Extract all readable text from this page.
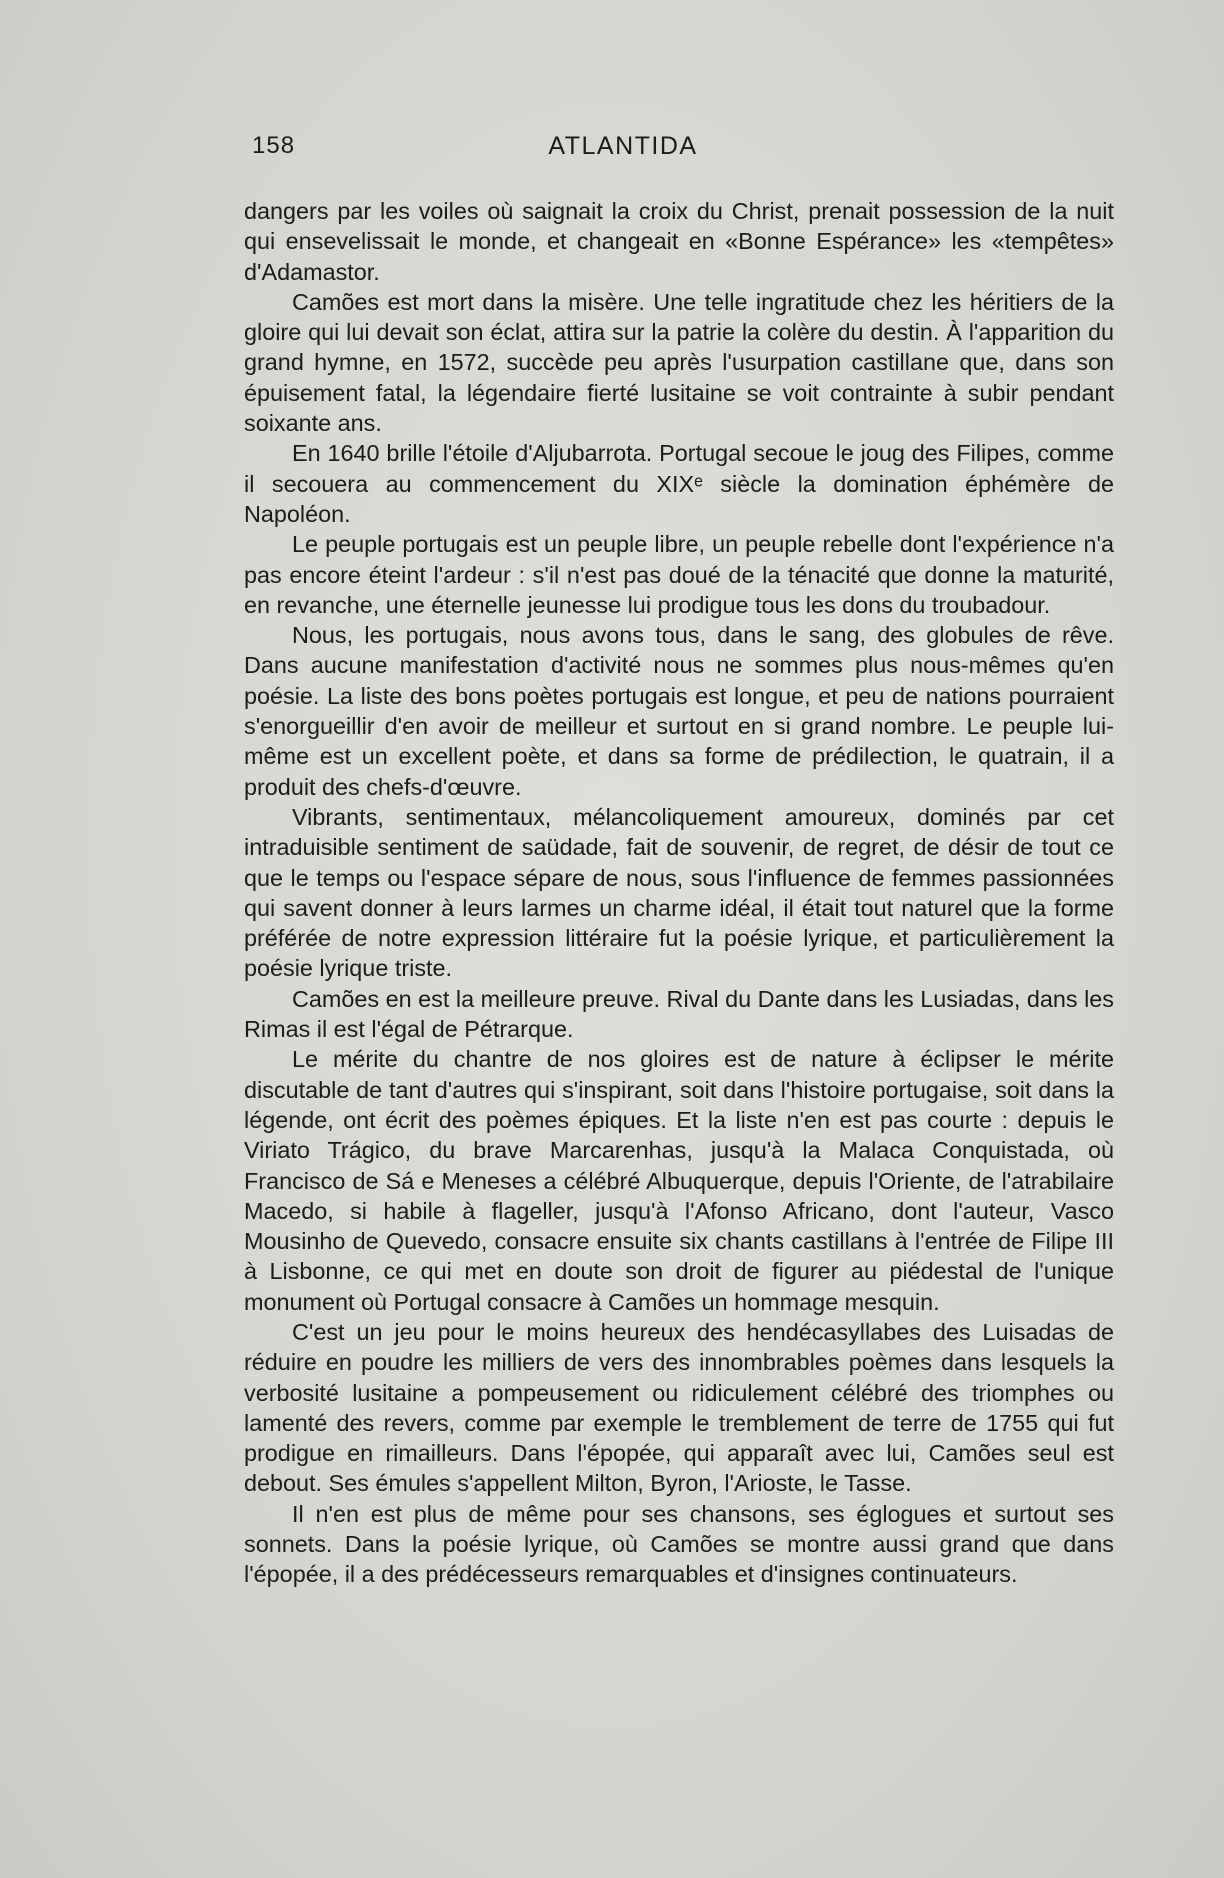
158	ATLANTIDA

dangers par les voiles où saignait la croix du Christ, prenait possession de la nuit qui ensevelissait le monde, et changeait en «Bonne Espérance» les «tempêtes» d'Adamastor.

Camões est mort dans la misère. Une telle ingratitude chez les héritiers de la gloire qui lui devait son éclat, attira sur la patrie la colère du destin. À l'apparition du grand hymne, en 1572, succède peu après l'usurpation castillane que, dans son épuisement fatal, la légendaire fierté lusitaine se voit contrainte à subir pendant soixante ans.

En 1640 brille l'étoile d'Aljubarrota. Portugal secoue le joug des Filipes, comme il secouera au commencement du XIXᵉ siècle la domination éphémère de Napoléon.

Le peuple portugais est un peuple libre, un peuple rebelle dont l'expérience n'a pas encore éteint l'ardeur : s'il n'est pas doué de la ténacité que donne la maturité, en revanche, une éternelle jeunesse lui prodigue tous les dons du troubadour.

Nous, les portugais, nous avons tous, dans le sang, des globules de rêve. Dans aucune manifestation d'activité nous ne sommes plus nous-mêmes qu'en poésie. La liste des bons poètes portugais est longue, et peu de nations pourraient s'enorgueillir d'en avoir de meilleur et surtout en si grand nombre. Le peuple lui-même est un excellent poète, et dans sa forme de prédilection, le quatrain, il a produit des chefs-d'œuvre.

Vibrants, sentimentaux, mélancoliquement amoureux, dominés par cet intraduisible sentiment de saüdade, fait de souvenir, de regret, de désir de tout ce que le temps ou l'espace sépare de nous, sous l'influence de femmes passionnées qui savent donner à leurs larmes un charme idéal, il était tout naturel que la forme préférée de notre expression littéraire fut la poésie lyrique, et particulièrement la poésie lyrique triste.

Camões en est la meilleure preuve. Rival du Dante dans les Lusiadas, dans les Rimas il est l'égal de Pétrarque.

Le mérite du chantre de nos gloires est de nature à éclipser le mérite discutable de tant d'autres qui s'inspirant, soit dans l'histoire portugaise, soit dans la légende, ont écrit des poèmes épiques. Et la liste n'en est pas courte : depuis le Viriato Trágico, du brave Marcarenhas, jusqu'à la Malaca Conquistada, où Francisco de Sá e Meneses a célébré Albuquerque, depuis l'Oriente, de l'atrabilaire Macedo, si habile à flageller, jusqu'à l'Afonso Africano, dont l'auteur, Vasco Mousinho de Quevedo, consacre ensuite six chants castillans à l'entrée de Filipe III à Lisbonne, ce qui met en doute son droit de figurer au piédestal de l'unique monument où Portugal consacre à Camões un hommage mesquin.

C'est un jeu pour le moins heureux des hendécasyllabes des Luisadas de réduire en poudre les milliers de vers des innombrables poèmes dans lesquels la verbosité lusitaine a pompeusement ou ridiculement célébré des triomphes ou lamenté des revers, comme par exemple le tremblement de terre de 1755 qui fut prodigue en rimailleurs. Dans l'épopée, qui apparaît avec lui, Camões seul est debout. Ses émules s'appellent Milton, Byron, l'Arioste, le Tasse.

Il n'en est plus de même pour ses chansons, ses églogues et surtout ses sonnets. Dans la poésie lyrique, où Camões se montre aussi grand que dans l'épopée, il a des prédécesseurs remarquables et d'insignes continuateurs.
